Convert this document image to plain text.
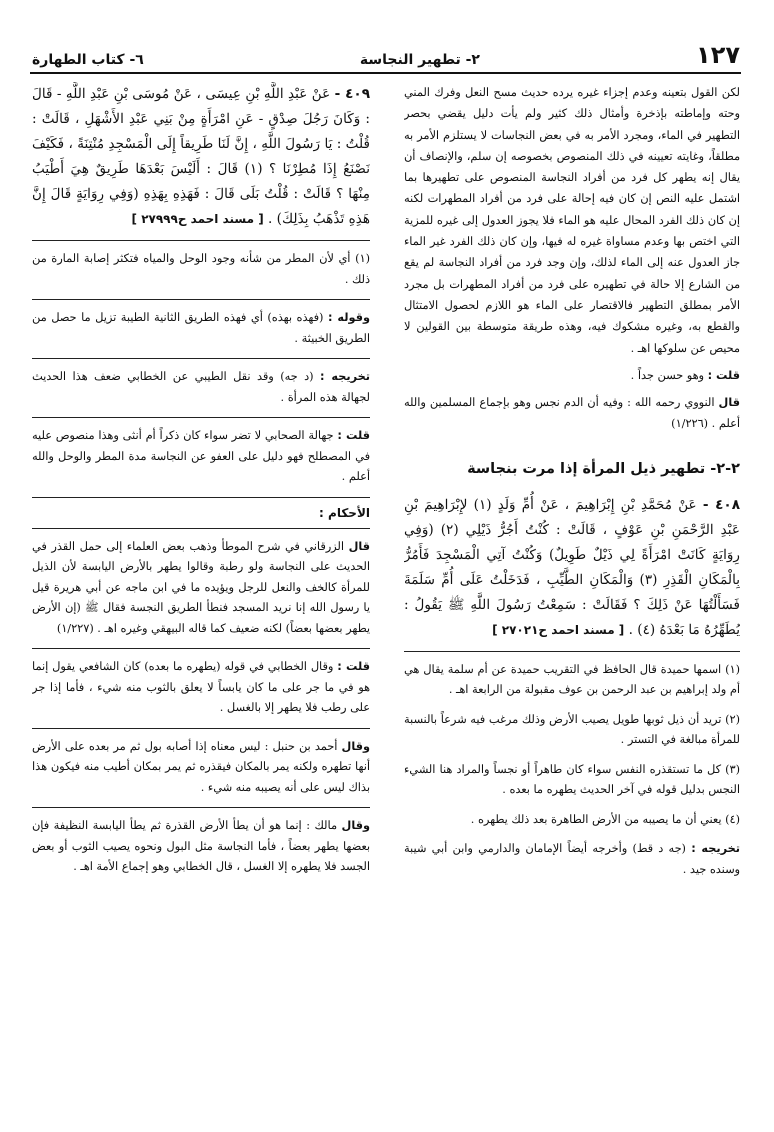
١٢٧
٢- تطهير النجاسة
٦- كتاب الطهارة

لكن القول بتعينه وعدم إجزاء غيره يرده حديث مسح النعل وفرك المني وحته وإماطته بإذخرة وأمثال ذلك كثير ولم يأت دليل يقضي بحصر التطهير في الماء، ومجرد الأمر به في بعض النجاسات لا يستلزم الأمر به مطلقاً، وغايته تعيينه في ذلك المنصوص بخصوصه إن سلم، والإنصاف أن يقال إنه يطهر كل فرد من أفراد النجاسة المنصوص على تطهيرها بما اشتمل عليه النص إن كان فيه إحالة على فرد من أفراد المطهرات لكنه إن كان ذلك الفرد المحال عليه هو الماء فلا يجوز العدول إلى غيره للمزية التي اختص بها وعدم مساواة غيره له فيها، وإن كان ذلك الفرد غير الماء جاز العدول عنه إلى الماء لذلك، وإن وجد فرد من أفراد النجاسة لم يقع من الشارع إلا حالة في تطهيره على فرد من أفراد المطهرات بل مجرد الأمر بمطلق التطهير فالاقتصار على الماء هو اللازم لحصول الامتثال والقطع به، وغيره مشكوك فيه، وهذه طريقة متوسطة بين القولين لا محيص عن سلوكها اهـ .

قلت : وهو حسن جداً .

قال النووي رحمه الله : وفيه أن الدم نجس وهو بإجماع المسلمين والله أعلم . (١/٢٢٦)

٢-٢- تطهير ذيل المرأة إذا مرت بنجاسة

٤٠٨ - عَنْ مُحَمَّدِ بْنِ إِبْرَاهِيمَ ، عَنْ أُمِّ وَلَدٍ (١) لإِبْرَاهِيمَ بْنِ عَبْدِ الرَّحْمَنِ بْنِ عَوْفٍ ، قَالَتْ : كُنْتُ أَجُرُّ ذَيْلِي (٢) (وَفِي رِوَايَةٍ كَانَتْ امْرَأَةً لِي ذَيْلٌ طَوِيلٌ) وَكُنْتُ آتِي الْمَسْجِدَ فَأَمُرُّ بِالْمَكَانِ الْقَذِرِ (٣) وَالْمَكَانِ الطَّيِّبِ ، فَدَخَلْتُ عَلَى أُمِّ سَلَمَةَ فَسَأَلْتُهَا عَنْ ذَلِكَ ؟ فَقَالَتْ : سَمِعْتُ رَسُولَ اللَّهِ ﷺ يَقُولُ : يُطَهِّرُهُ مَا بَعْدَهُ (٤) . [ مسند احمد ح٢٧٠٢١ ]

(١) اسمها حميدة قال الحافظ في التقريب حميدة عن أم سلمة يقال هي أم ولد إبراهيم بن عبد الرحمن بن عوف مقبولة من الرابعة اهـ .

(٢) تريد أن ذيل ثوبها طويل يصيب الأرض وذلك مرغب فيه شرعاً بالنسبة للمرأة مبالغة في التستر .

(٣) كل ما تستقذره النفس سواء كان طاهراً أو نجساً والمراد هنا الشيء النجس بدليل قوله في آخر الحديث يطهره ما بعده .

(٤) يعني أن ما يصيبه من الأرض الطاهرة بعد ذلك يطهره .

تخريجه : (جه د قط) وأخرجه أيضاً الإمامان والدارمي وابن أبي شيبة وسنده جيد .

٤٠٩ - عَنْ عَبْدِ اللَّهِ بْنِ عِيسَى ، عَنْ مُوسَى بْنِ عَبْدِ اللَّهِ - قَالَ : وَكَانَ رَجُلَ صِدْقٍ - عَنِ امْرَأَةٍ مِنْ بَنِي عَبْدِ الأَشْهَلِ ، قَالَتْ : قُلْتُ : يَا رَسُولَ اللَّهِ ، إِنَّ لَنَا طَرِيقاً إِلَى الْمَسْجِدِ مُنْتِنَةً ، فَكَيْفَ نَصْنَعُ إِذَا مُطِرْنَا ؟ (١) قَالَ : أَلَيْسَ بَعْدَهَا طَرِيقٌ هِيَ أَطْيَبُ مِنْهَا ؟ قَالَتْ : قُلْتُ بَلَى قَالَ : فَهَذِهِ بِهَذِهِ (وَفِي رِوَايَةٍ قَالَ إِنَّ هَذِهِ تَذْهَبُ بِذَلِكَ) . [ مسند احمد ح٢٧٩٩٩ ]

(١) أي لأن المطر من شأنه وجود الوحل والمياه فتكثر إصابة المارة من ذلك .

وقوله : (فهذه بهذه) أي فهذه الطريق الثانية الطيبة تزيل ما حصل من الطريق الخبيثة .

تخريجه : (د جه) وقد نقل الطيبي عن الخطابي ضعف هذا الحديث لجهالة هذه المرأة .

قلت : جهالة الصحابي لا تضر سواء كان ذكراً أم أنثى وهذا منصوص عليه في المصطلح فهو دليل على العفو عن النجاسة مدة المطر والوحل والله أعلم .

الأحكام :

قال الزرقاني في شرح الموطأ وذهب بعض العلماء إلى حمل القذر في الحديث على النجاسة ولو رطبة وقالوا يطهر بالأرض اليابسة لأن الذيل للمرأة كالخف والنعل للرجل ويؤيده ما في ابن ماجه عن أبي هريرة قيل يا رسول الله إنا نريد المسجد فنطأ الطريق النجسة فقال ﷺ (إن الأرض يطهر بعضها بعضاً) لكنه ضعيف كما قاله البيهقي وغيره اهـ . (١/٢٢٧)

قلت : وقال الخطابي في قوله (يطهره ما بعده) كان الشافعي يقول إنما هو في ما جر على ما كان يابساً لا يعلق بالثوب منه شيء ، فأما إذا جر على رطب فلا يطهر إلا بالغسل .

وقال أحمد بن حنبل : ليس معناه إذا أصابه بول ثم مر بعده على الأرض أنها تطهره ولكنه يمر بالمكان فيقذره ثم يمر بمكان أطيب منه فيكون هذا بذاك ليس على أنه يصيبه منه شيء .

وقال مالك : إنما هو أن يطأ الأرض القذرة ثم يطأ اليابسة النظيفة فإن بعضها يطهر بعضاً ، فأما النجاسة مثل البول ونحوه يصيب الثوب أو بعض الجسد فلا يطهره إلا الغسل ، قال الخطابي وهو إجماع الأمة اهـ .
